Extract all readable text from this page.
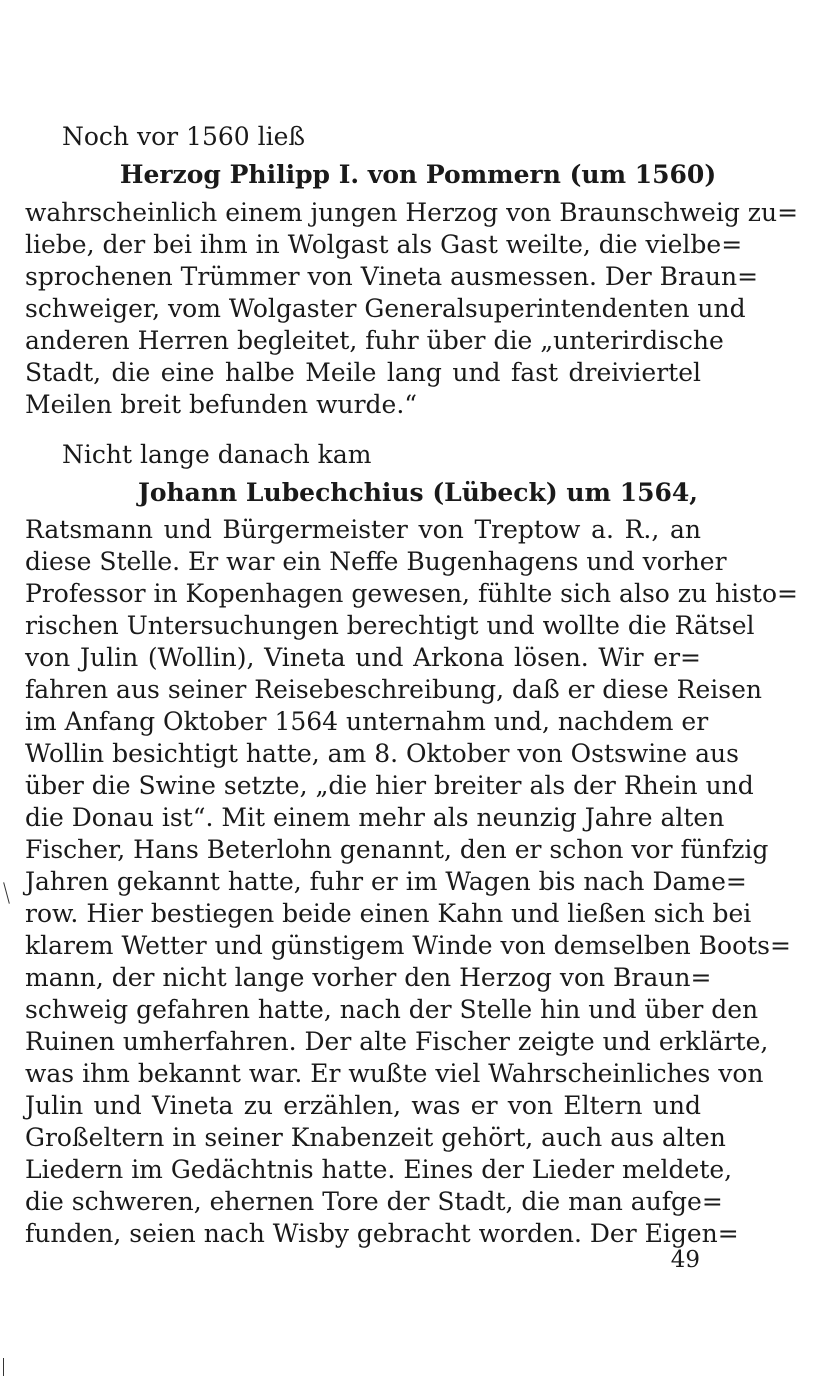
Noch vor 1560 ließ
Herzog Philipp I. von Pommern (um 1560)
wahrscheinlich einem jungen Herzog von Braunschweig zu=
liebe, der bei ihm in Wolgast als Gast weilte, die vielbe=
sprochenen Trümmer von Vineta ausmessen. Der Braun=
schweiger, vom Wolgaster Generalsuperintendenten und
anderen Herren begleitet, fuhr über die „unterirdische
Stadt, die eine halbe Meile lang und fast dreiviertel
Meilen breit befunden wurde.“
Nicht lange danach kam
Johann Lubechchius (Lübeck) um 1564,
Ratsmann und Bürgermeister von Treptow a. R., an
diese Stelle. Er war ein Neffe Bugenhagens und vorher
Professor in Kopenhagen gewesen, fühlte sich also zu histo=
rischen Untersuchungen berechtigt und wollte die Rätsel
von Julin (Wollin), Vineta und Arkona lösen. Wir er=
fahren aus seiner Reisebeschreibung, daß er diese Reisen
im Anfang Oktober 1564 unternahm und, nachdem er
Wollin besichtigt hatte, am 8. Oktober von Ostswine aus
über die Swine setzte, „die hier breiter als der Rhein und
die Donau ist“. Mit einem mehr als neunzig Jahre alten
Fischer, Hans Beterlohn genannt, den er schon vor fünfzig
Jahren gekannt hatte, fuhr er im Wagen bis nach Dame=
row. Hier bestiegen beide einen Kahn und ließen sich bei
klarem Wetter und günstigem Winde von demselben Boots=
mann, der nicht lange vorher den Herzog von Braun=
schweig gefahren hatte, nach der Stelle hin und über den
Ruinen umherfahren. Der alte Fischer zeigte und erklärte,
was ihm bekannt war. Er wußte viel Wahrscheinliches von
Julin und Vineta zu erzählen, was er von Eltern und
Großeltern in seiner Knabenzeit gehört, auch aus alten
Liedern im Gedächtnis hatte. Eines der Lieder meldete,
die schweren, ehernen Tore der Stadt, die man aufge=
funden, seien nach Wisby gebracht worden. Der Eigen=
49
